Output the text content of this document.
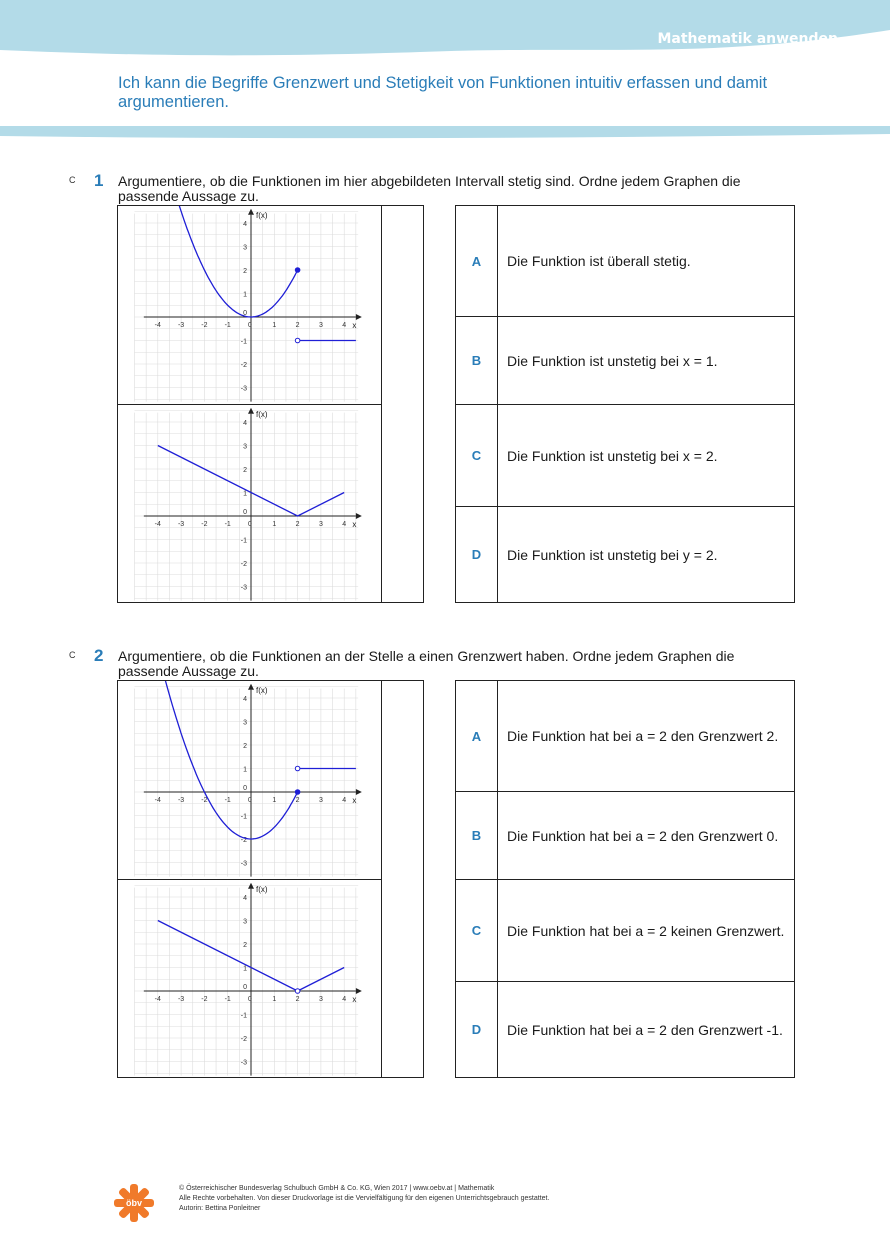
Mathematik anwenden
Ich kann die Begriffe Grenzwert und Stetigkeit von Funktionen intuitiv erfassen und damit argumentieren.
C 1 Argumentiere, ob die Funktionen im hier abgebildeten Intervall stetig sind. Ordne jedem Graphen die passende Aussage zu.
-4 -3 -2 -1 0	1	2	3	4
-3
-2
-1
0
1
2
3
4
f(x)
x
-4 -3 -2 -1 0	1	2	3	4
-3
-2
-1
0
1
2
3
4
f(x)
x
A	Die Funktion ist überall stetig.
B	Die Funktion ist unstetig bei x = 1.
C	Die Funktion ist unstetig bei x = 2.
D	Die Funktion ist unstetig bei y = 2.
C 2 Argumentiere, ob die Funktionen an der Stelle a einen Grenzwert haben. Ordne jedem Graphen die passende Aussage zu.
-4 -3 -2 -1 0	1	2	3	4
-3
-2
-1
0
1
2
3
4
f(x)
x
-4 -3 -2 -1 0	1	2	3	4
-3
-2
-1
0
1
2
3
4
f(x)
x
A	Die Funktion hat bei a = 2 den Grenzwert 2.
B	Die Funktion hat bei a = 2 den Grenzwert 0.
C	Die Funktion hat bei a = 2 keinen Grenzwert.
D	Die Funktion hat bei a = 2 den Grenzwert -1.
öbv
© Österreichischer Bundesverlag Schulbuch GmbH & Co. KG, Wien 2017 | www.oebv.at | Mathematik
Alle Rechte vorbehalten. Von dieser Druckvorlage ist die Vervielfältigung für den eigenen Unterrichtsgebrauch gestattet.
Autorin: Bettina Ponleitner
